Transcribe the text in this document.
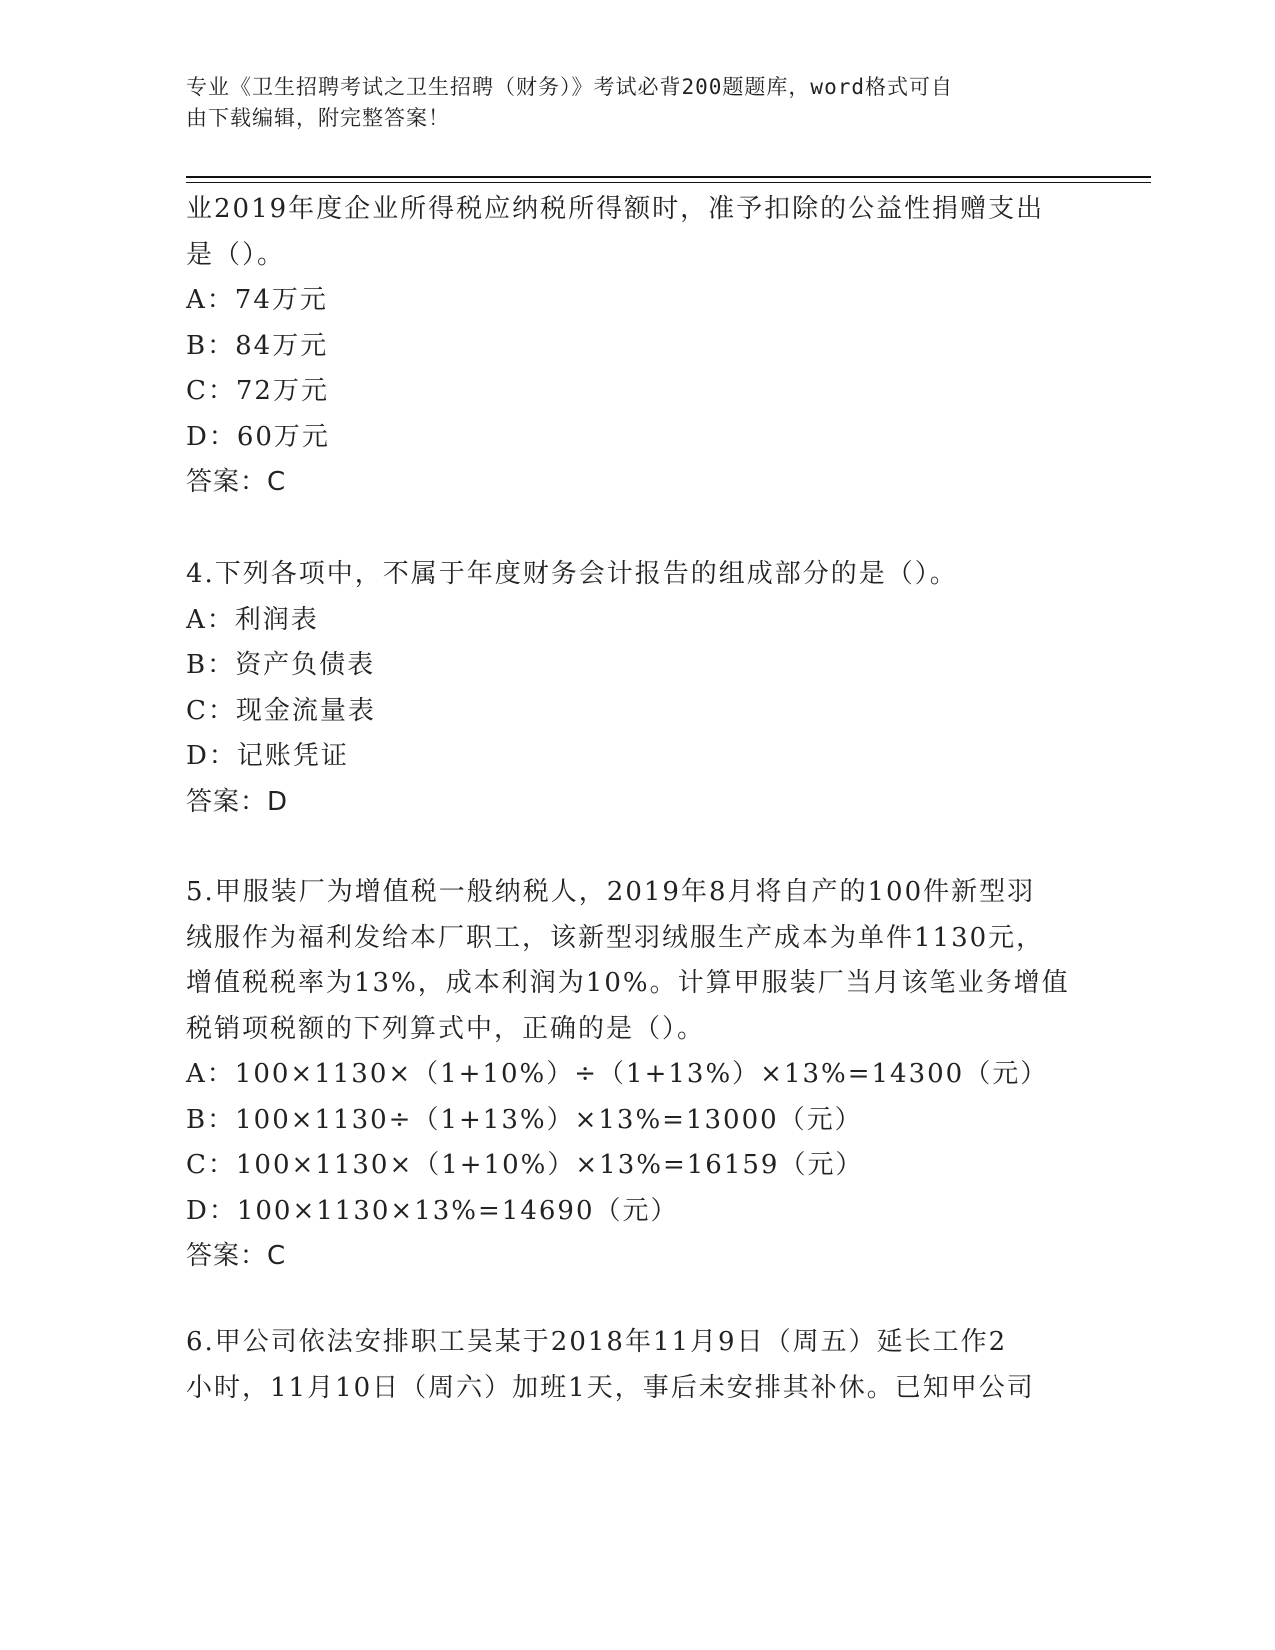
专业《卫生招聘考试之卫生招聘（财务）》考试必背200题题库，word格式可自
由下载编辑，附完整答案！
业2019年度企业所得税应纳税所得额时，准予扣除的公益性捐赠支出
是（）。
A：74万元
B：84万元
C：72万元
D：60万元
答案：C
4.下列各项中，不属于年度财务会计报告的组成部分的是（）。
A：利润表
B：资产负债表
C：现金流量表
D：记账凭证
答案：D
5.甲服装厂为增值税一般纳税人，2019年8月将自产的100件新型羽
绒服作为福利发给本厂职工，该新型羽绒服生产成本为单件1130元，
增值税税率为13%，成本利润为10%。计算甲服装厂当月该笔业务增值
税销项税额的下列算式中，正确的是（）。
A：100×1130×（1+10%）÷（1+13%）×13%=14300（元）
B：100×1130÷（1+13%）×13%=13000（元）
C：100×1130×（1+10%）×13%=16159（元）
D：100×1130×13%=14690（元）
答案：C
6.甲公司依法安排职工吴某于2018年11月9日（周五）延长工作2
小时，11月10日（周六）加班1天，事后未安排其补休。已知甲公司
